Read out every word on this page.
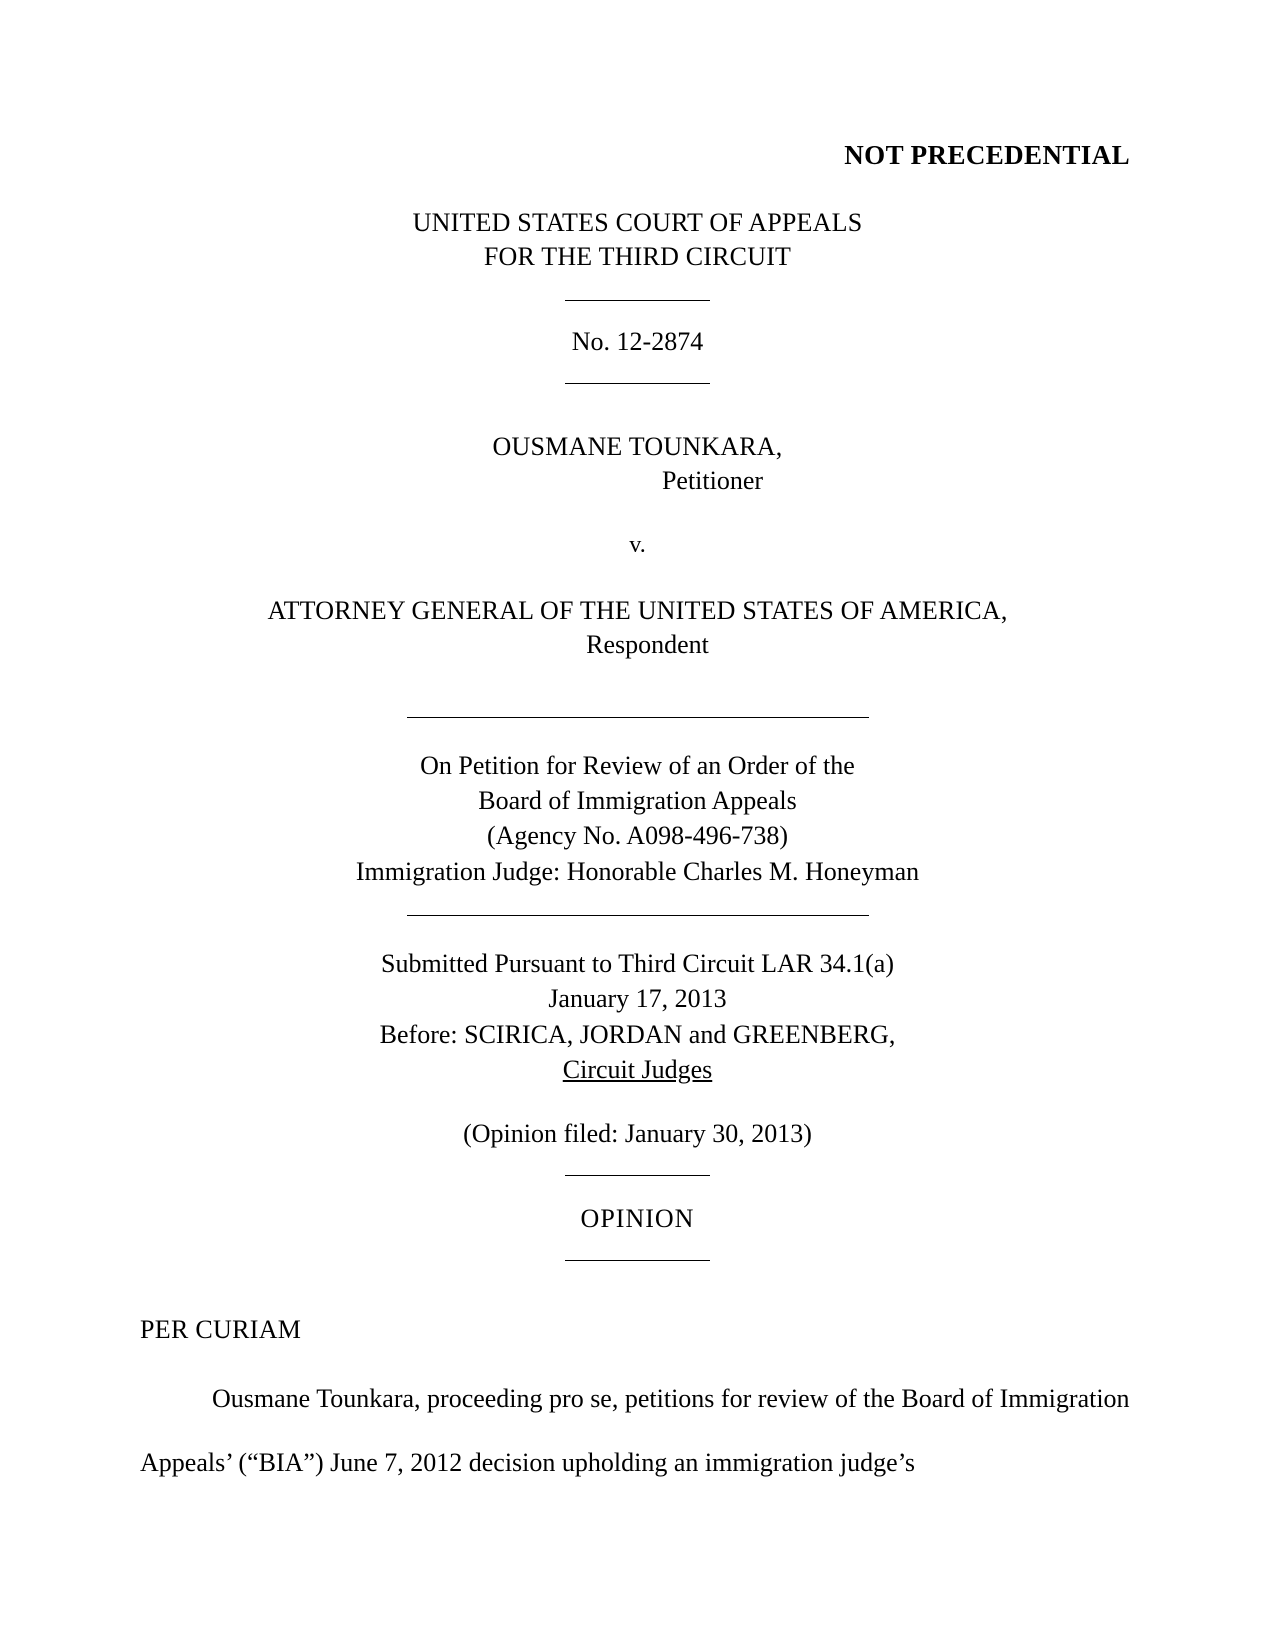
NOT PRECEDENTIAL
UNITED STATES COURT OF APPEALS
FOR THE THIRD CIRCUIT
No. 12-2874
OUSMANE TOUNKARA,
Petitioner
v.
ATTORNEY GENERAL OF THE UNITED STATES OF AMERICA,
Respondent
On Petition for Review of an Order of the
Board of Immigration Appeals
(Agency No. A098-496-738)
Immigration Judge: Honorable Charles M. Honeyman
Submitted Pursuant to Third Circuit LAR 34.1(a)
January 17, 2013
Before: SCIRICA, JORDAN and GREENBERG,
Circuit Judges
(Opinion filed: January 30, 2013)
OPINION
PER CURIAM
Ousmane Tounkara, proceeding pro se, petitions for review of the Board of Immigration Appeals’ (“BIA”) June 7, 2012 decision upholding an immigration judge’s
